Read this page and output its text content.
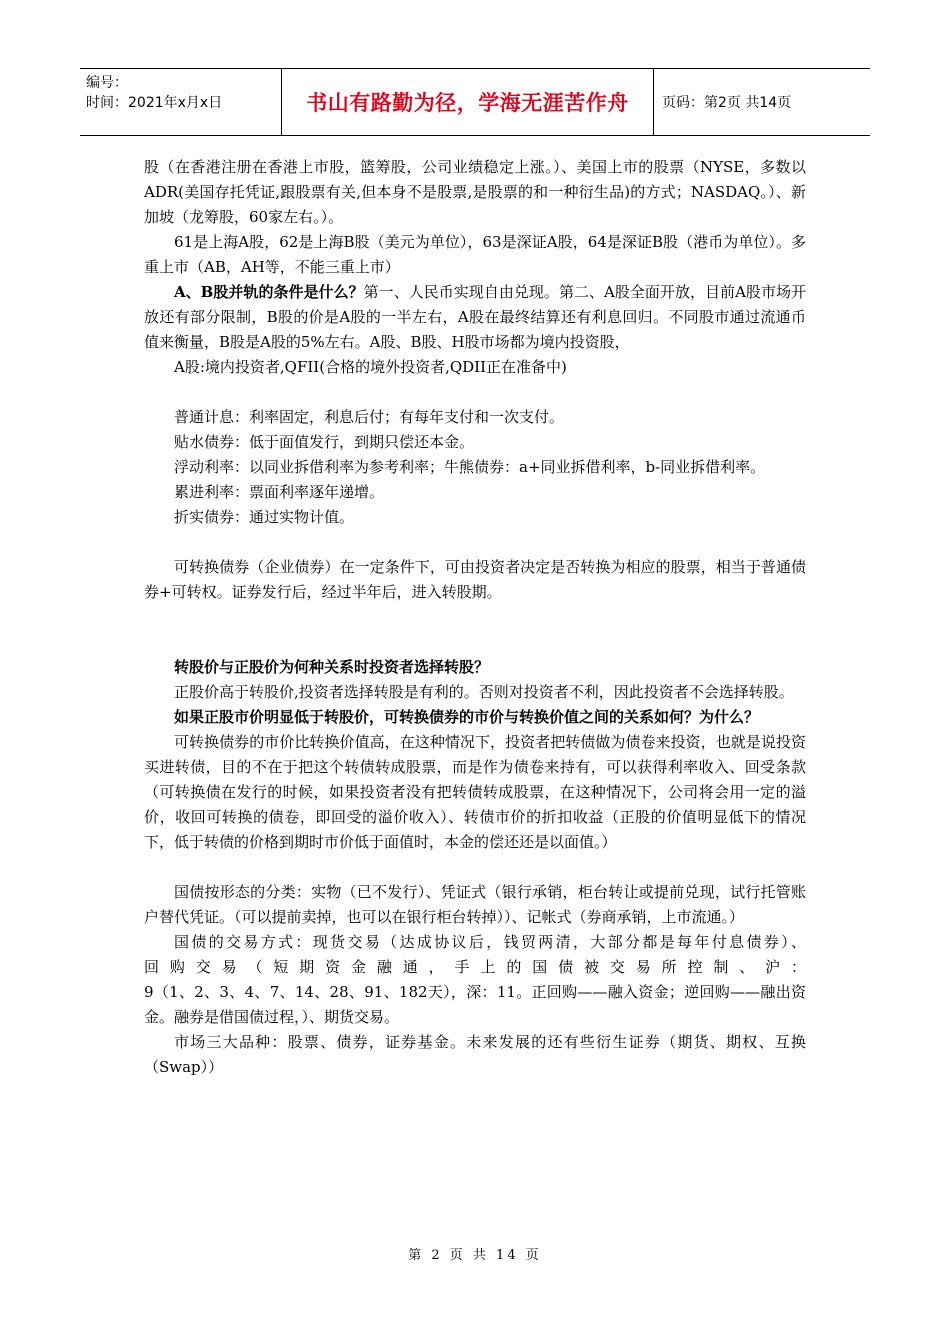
编号：
时间：2021年x月x日	书山有路勤为径，学海无涯苦作舟	页码：第2页 共14页

股（在香港注册在香港上市股，篮筹股，公司业绩稳定上涨。）、美国上市的股票（NYSE，多数以ADR(美国存托凭证,跟股票有关,但本身不是股票,是股票的和一种衍生品)的方式；NASDAQ。）、新加坡（龙筹股，60家左右。）。

61是上海A股，62是上海B股（美元为单位），63是深证A股，64是深证B股（港币为单位）。多重上市（AB，AH等，不能三重上市）

A、B股并轨的条件是什么？第一、人民币实现自由兑现。第二、A股全面开放，目前A股市场开放还有部分限制，B股的价是A股的一半左右，A股在最终结算还有利息回归。不同股市通过流通币值来衡量，B股是A股的5%左右。A股、B股、H股市场都为境内投资股，

A股:境内投资者,QFII(合格的境外投资者,QDII正在准备中)

普通计息：利率固定，利息后付；有每年支付和一次支付。

贴水债券：低于面值发行，到期只偿还本金。

浮动利率：以同业拆借利率为参考利率；牛熊债券：a+同业拆借利率，b-同业拆借利率。

累进利率：票面利率逐年递增。

折实债券：通过实物计值。

可转换债券（企业债券）在一定条件下，可由投资者决定是否转换为相应的股票，相当于普通债券+可转权。证券发行后，经过半年后，进入转股期。

转股价与正股价为何种关系时投资者选择转股？

正股价高于转股价,投资者选择转股是有利的。否则对投资者不利，因此投资者不会选择转股。

如果正股市价明显低于转股价，可转换债券的市价与转换价值之间的关系如何？为什么？

可转换债券的市价比转换价值高，在这种情况下，投资者把转债做为债卷来投资，也就是说投资买进转债，目的不在于把这个转债转成股票，而是作为债卷来持有，可以获得利率收入、回受条款（可转换债在发行的时候，如果投资者没有把转债转成股票，在这种情况下，公司将会用一定的溢价，收回可转换的债卷，即回受的溢价收入）、转债市价的折扣收益（正股的价值明显低下的情况下，低于转债的价格到期时市价低于面值时，本金的偿还还是以面值。）

国债按形态的分类：实物（已不发行）、凭证式（银行承销，柜台转让或提前兑现，试行托管账户替代凭证。（可以提前卖掉，也可以在银行柜台转掉））、记帐式（券商承销，上市流通。）

国债的交易方式：现货交易（达成协议后，钱贸两清，大部分都是每年付息债券）、

回购交易（短期资金融通，手上的国债被交易所控制、沪：

9（1、2、3、4、7、14、28、91、182天），深：11。正回购——融入资金；逆回购——融出资金。融券是借国债过程，）、期货交易。

市场三大品种：股票、债券，证券基金。未来发展的还有些衍生证券（期货、期权、互换（Swap））

第 2 页 共 14 页
